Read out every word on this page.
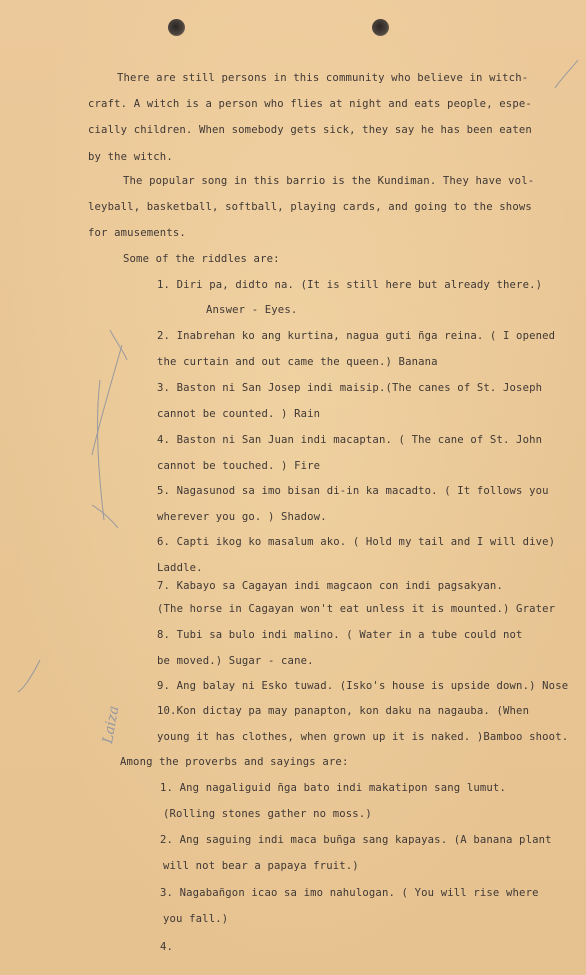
There are still persons in this community who believe in witch-
craft. A witch is a person who flies at night and eats people, espe-
cially children. When somebody gets sick, they say he has been eaten
by the witch.
The popular song in this barrio is the Kundiman. They have vol-
leyball, basketball, softball, playing cards, and going to the shows
for amusements.
Some of the riddles are:
1. Diri pa, didto na. (It is still here but already there.)
Answer - Eyes.
2. Inabrehan ko ang kurtina, nagua guti ñga reina. ( I opened
the curtain and out came the queen.) Banana
3. Baston ni San Josep indi maisip.(The canes of St. Joseph
cannot be counted. ) Rain
4. Baston ni San Juan indi macaptan. ( The cane of St. John
cannot be touched. ) Fire
5. Nagasunod sa imo bisan di-in ka macadto. ( It follows you
wherever you go. ) Shadow.
6. Capti ikog ko masalum ako. ( Hold my tail and I will dive)
Laddle.
7. Kabayo sa Cagayan indi magcaon con indi pagsakyan.
(The horse in Cagayan won't eat unless it is mounted.) Grater
8. Tubi sa bulo indi malino. ( Water in a tube could not
be moved.) Sugar - cane.
9. Ang balay ni Esko tuwad. (Isko's house is upside down.) Nose
10.Kon dictay pa may panapton, kon daku na nagauba. (When
young it has clothes, when grown up it is naked. )Bamboo shoot.
Among the proverbs and sayings are:
1. Ang nagaliguid ñga bato indi makatipon sang lumut.
(Rolling stones gather no moss.)
2. Ang saguing indi maca buñga sang kapayas. (A banana plant
will not bear a papaya fruit.)
3. Nagabañgon icao sa imo nahulogan. ( You will rise where
you fall.)
4.
Laiza
